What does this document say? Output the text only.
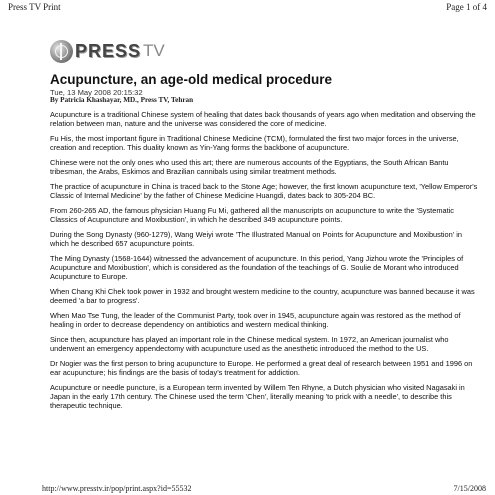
Press TV Print	Page 1 of 4
PRESS TV
Acupuncture, an age-old medical procedure
Tue, 13 May 2008 20:15:32
By Patricia Khashayar, MD., Press TV, Tehran

Acupuncture is a traditional Chinese system of healing that dates back thousands of years ago when meditation and observing the relation between man, nature and the universe was considered the core of medicine.

Fu His, the most important figure in Traditional Chinese Medicine (TCM), formulated the first two major forces in the universe, creation and reception. This duality known as Yin-Yang forms the backbone of acupuncture.

Chinese were not the only ones who used this art; there are numerous accounts of the Egyptians, the South African Bantu tribesman, the Arabs, Eskimos and Brazilian cannibals using similar treatment methods.

The practice of acupuncture in China is traced back to the Stone Age; however, the first known acupuncture text, 'Yellow Emperor's Classic of Internal Medicine' by the father of Chinese Medicine Huangdi, dates back to 305-204 BC.

From 260-265 AD, the famous physician Huang Fu Mi, gathered all the manuscripts on acupuncture to write the 'Systematic Classics of Acupuncture and Moxibustion', in which he described 349 acupuncture points.

During the Song Dynasty (960-1279), Wang Weiyi wrote 'The Illustrated Manual on Points for Acupuncture and Moxibustion' in which he described 657 acupuncture points.

The Ming Dynasty (1568-1644) witnessed the advancement of acupuncture. In this period, Yang Jizhou wrote the 'Principles of Acupuncture and Moxibustion', which is considered as the foundation of the teachings of G. Soulie de Morant who introduced Acupuncture to Europe.

When Chang Khi Chek took power in 1932 and brought western medicine to the country, acupuncture was banned because it was deemed 'a bar to progress'.

When Mao Tse Tung, the leader of the Communist Party, took over in 1945, acupuncture again was restored as the method of healing in order to decrease dependency on antibiotics and western medical thinking.

Since then, acupuncture has played an important role in the Chinese medical system. In 1972, an American journalist who underwent an emergency appendectomy with acupuncture used as the anesthetic introduced the method to the US.

Dr Nogier was the first person to bring acupuncture to Europe. He performed a great deal of research between 1951 and 1996 on ear acupuncture; his findings are the basis of today's treatment for addiction.

Acupuncture or needle puncture, is a European term invented by Willem Ten Rhyne, a Dutch physician who visited Nagasaki in Japan in the early 17th century. The Chinese used the term 'Chen', literally meaning 'to prick with a needle', to describe this therapeutic technique.

http://www.presstv.ir/pop/print.aspx?id=55532	7/15/2008
